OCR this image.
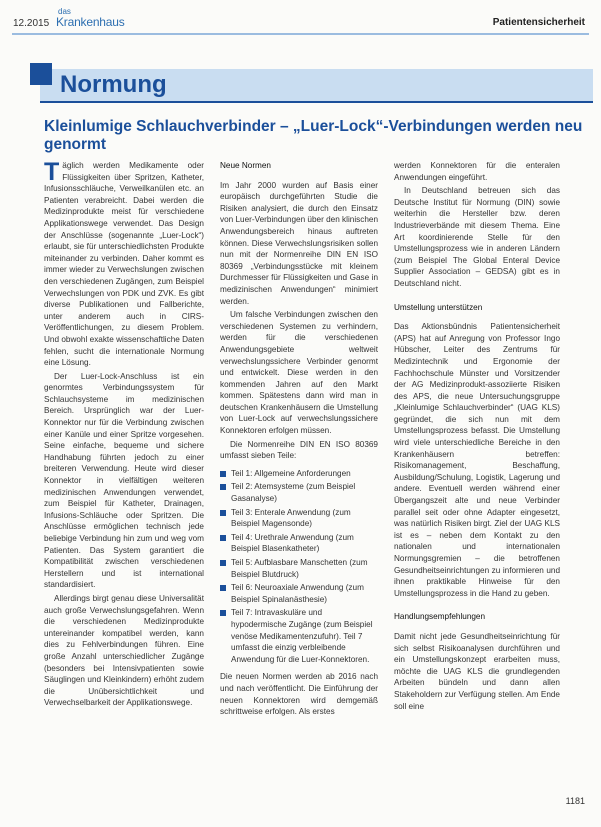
12.2015
das
Krankenhaus	Patientensicherheit
Normung
Kleinlumige Schlauchverbinder – „Luer-Lock“-Verbindungen werden neu genormt

Täglich werden Medikamente oder Flüssigkeiten über Spritzen, Katheter, Infusionsschläuche, Verweilkanülen etc. an Patienten verabreicht. Dabei werden die Medizinprodukte meist für verschiedene Applikationswege verwendet. Das Design der Anschlüsse (sogenannte „Luer-Lock“) erlaubt, sie für unterschiedlichsten Produkte miteinander zu verbinden. Daher kommt es immer wieder zu Verwechslungen zwischen den verschiedenen Zugängen, zum Beispiel Verwechslungen von PDK und ZVK. Es gibt diverse Publikationen und Fallberichte, unter anderem auch in CIRS-Veröffentlichungen, zu diesem Problem. Und obwohl exakte wissenschaftliche Daten fehlen, sucht die internationale Normung eine Lösung.

Der Luer-Lock-Anschluss ist ein genormtes Verbindungssystem für Schlauchsysteme im medizinischen Bereich. Ursprünglich war der Luer-Konnektor nur für die Verbindung zwischen einer Kanüle und einer Spritze vorgesehen. Seine einfache, bequeme und sichere Handhabung führten jedoch zu einer breiteren Verwendung. Heute wird dieser Konnektor in vielfältigen weiteren medizinischen Anwendungen verwendet, zum Beispiel für Katheter, Drainagen, Infusions-Schläuche oder Spritzen. Die Anschlüsse ermöglichen technisch jede beliebige Verbindung hin zum und weg vom Patienten. Das System garantiert die Kompatibilität zwischen verschiedenen Herstellern und ist international standardisiert.

Allerdings birgt genau diese Universalität auch große Verwechslungsgefahren. Wenn die verschiedenen Medizinprodukte untereinander kompatibel werden, kann dies zu Fehlverbindungen führen. Eine große Anzahl unterschiedlicher Zugänge (besonders bei Intensivpatienten sowie Säuglingen und Kleinkindern) erhöht zudem die Unübersichtlichkeit und Verwechselbarkeit der Applikationswege.

Neue Normen

Im Jahr 2000 wurden auf Basis einer europäisch durchgeführten Studie die Risiken analysiert, die durch den Einsatz von Luer-Verbindungen über den klinischen Anwendungsbereich hinaus auftreten können. Diese Verwechslungsrisiken sollen nun mit der Normenreihe DIN EN ISO 80369 „Verbindungsstücke mit kleinem Durchmesser für Flüssigkeiten und Gase in medizinischen Anwendungen“ minimiert werden.

Um falsche Verbindungen zwischen den verschiedenen Systemen zu verhindern, werden für die verschiedenen Anwendungsgebiete weltweit verwechslungssichere Verbinder genormt und entwickelt. Diese werden in den kommenden Jahren auf den Markt kommen. Spätestens dann wird man in deutschen Krankenhäusern die Umstellung von Luer-Lock auf verwechslungssichere Konnektoren erfolgen müssen.

Die Normenreihe DIN EN ISO 80369 umfasst sieben Teile:

Teil 1: Allgemeine Anforderungen
Teil 2: Atemsysteme (zum Beispiel Gasanalyse)
Teil 3: Enterale Anwendung (zum Beispiel Magensonde)
Teil 4: Urethrale Anwendung (zum Beispiel Blasenkatheter)
Teil 5: Aufblasbare Manschetten (zum Beispiel Blutdruck)
Teil 6: Neuroaxiale Anwendung (zum Beispiel Spinalanästhesie)
Teil 7: Intravaskuläre und hypodermische Zugänge (zum Beispiel venöse Medikamentenzufuhr). Teil 7 umfasst die einzig verbleibende Anwendung für die Luer-Konnektoren.

Die neuen Normen werden ab 2016 nach und nach veröffentlicht. Die Einführung der neuen Konnektoren wird demgemäß schrittweise erfolgen. Als erstes

werden Konnektoren für die enteralen Anwendungen eingeführt.

In Deutschland betreuen sich das Deutsche Institut für Normung (DIN) sowie weiterhin die Hersteller bzw. deren Industrieverbände mit diesem Thema. Eine Art koordinierende Stelle für den Umstellungsprozess wie in anderen Ländern (zum Beispiel The Global Enteral Device Supplier Association – GEDSA) gibt es in Deutschland nicht.

Umstellung unterstützen

Das Aktionsbündnis Patientensicherheit (APS) hat auf Anregung von Professor Ingo Hübscher, Leiter des Zentrums für Medizintechnik und Ergonomie der Fachhochschule Münster und Vorsitzender der AG Medizinprodukt-assoziierte Risiken des APS, die neue Untersuchungsgruppe „Kleinlumige Schlauchverbinder“ (UAG KLS) gegründet, die sich nun mit dem Umstellungsprozess befasst. Die Umstellung wird viele unterschiedliche Bereiche in den Krankenhäusern betreffen: Risikomanagement, Beschaffung, Ausbildung/Schulung, Logistik, Lagerung und andere. Eventuell werden während einer Übergangszeit alte und neue Verbinder parallel seit oder ohne Adapter eingesetzt, was natürlich Risiken birgt. Ziel der UAG KLS ist es – neben dem Kontakt zu den nationalen und internationalen Normungsgremien – die betroffenen Gesundheitseinrichtungen zu informieren und ihnen praktikable Hinweise für den Umstellungsprozess in die Hand zu geben.

Handlungsempfehlungen

Damit nicht jede Gesundheitseinrichtung für sich selbst Risikoanalysen durchführen und ein Umstellungskonzept erarbeiten muss, möchte die UAG KLS die grundlegenden Arbeiten bündeln und dann allen Stakeholdern zur Verfügung stellen. Am Ende soll eine

1181
